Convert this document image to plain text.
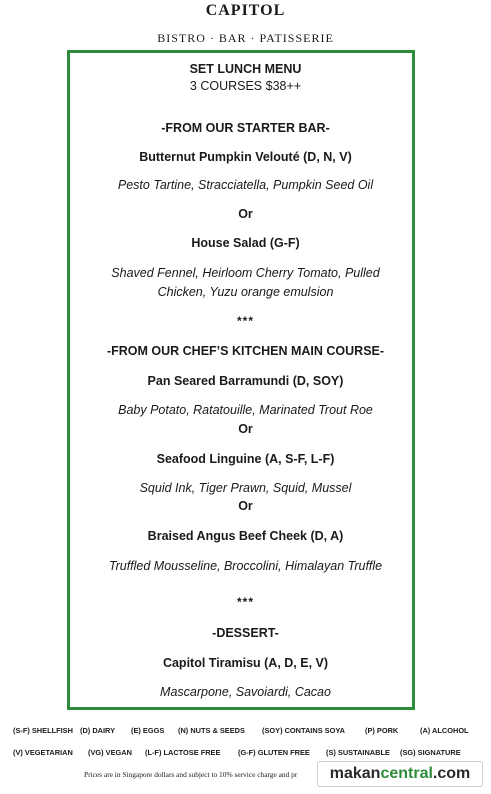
CAPITOL
BISTRO · BAR · PATISSERIE
SET LUNCH MENU
3 COURSES $38++
-FROM OUR STARTER BAR-
Butternut Pumpkin Velouté (D, N, V)
Pesto Tartine, Stracciatella, Pumpkin Seed Oil
Or
House Salad (G-F)
Shaved Fennel, Heirloom Cherry Tomato, Pulled
Chicken, Yuzu orange emulsion
***
-FROM OUR CHEF’S KITCHEN MAIN COURSE-
Pan Seared Barramundi (D, SOY)
Baby Potato, Ratatouille, Marinated Trout Roe
Or
Seafood Linguine (A, S-F, L-F)
Squid Ink, Tiger Prawn, Squid, Mussel
Or
Braised Angus Beef Cheek (D, A)
Truffled Mousseline, Broccolini, Himalayan Truffle
***
-DESSERT-
Capitol Tiramisu (A, D, E, V)
Mascarpone, Savoiardi, Cacao
(S-F) SHELLFISH (D) DAIRY (E) EGGS (N) NUTS & SEEDS (SOY) CONTAINS SOYA	(P) PORK	(A) ALCOHOL
(V) VEGETARIAN (VG) VEGAN (L-F) LACTOSE FREE (G-F) GLUTEN FREE (S) SUSTAINABLE (SG) SIGNATURE
Prices are in Singapore dollars and subject to 10% service charge and pr makan central .com
